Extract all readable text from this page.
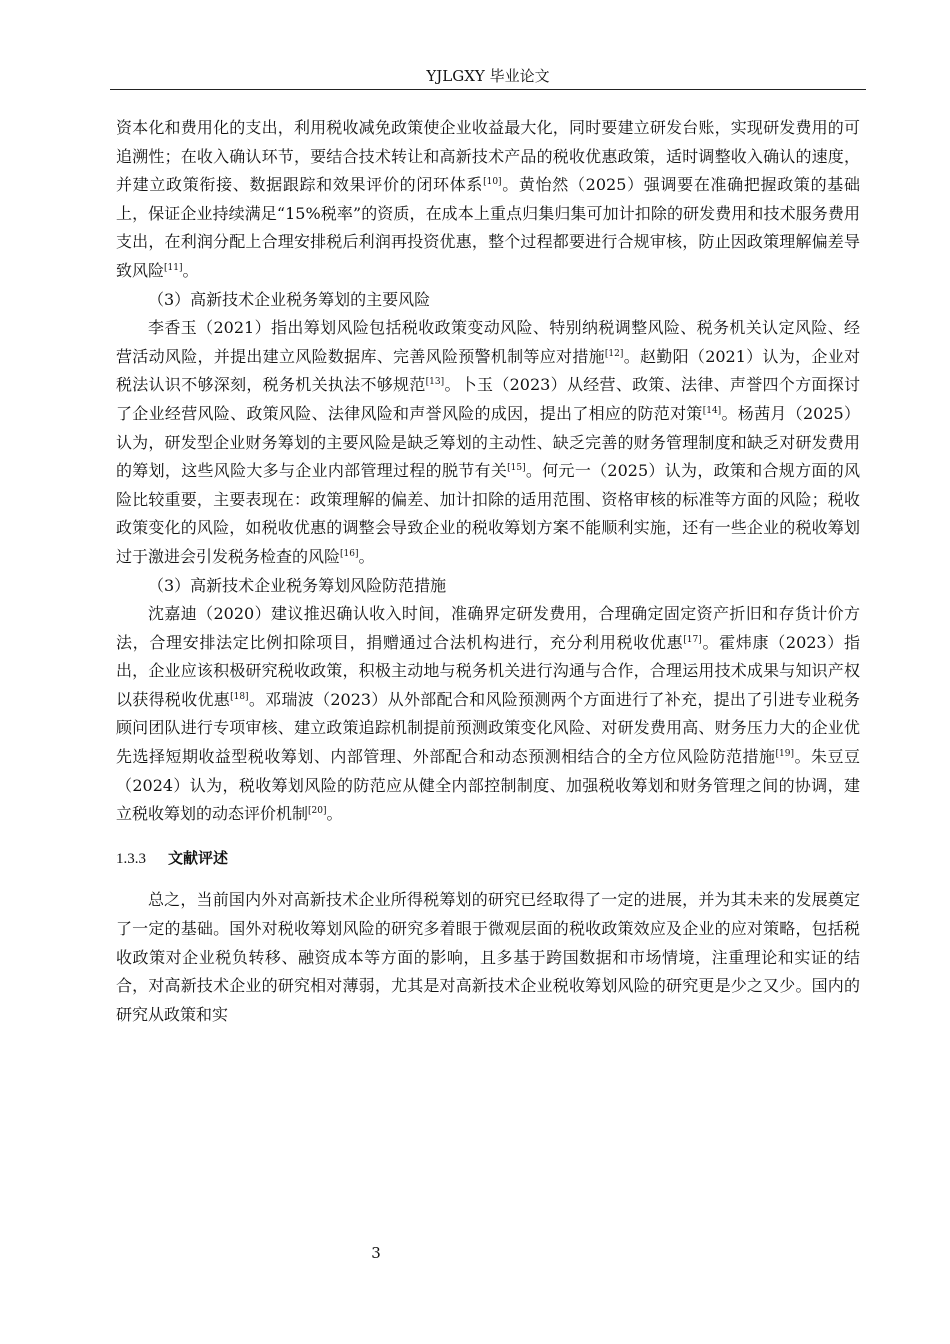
YJLGXY 毕业论文

资本化和费用化的支出，利用税收减免政策使企业收益最大化，同时要建立研发台账，实现研发费用的可追溯性；在收入确认环节，要结合技术转让和高新技术产品的税收优惠政策，适时调整收入确认的速度，并建立政策衔接、数据跟踪和效果评价的闭环体系[10]。黄怡然（2025）强调要在准确把握政策的基础上，保证企业持续满足“15%税率”的资质，在成本上重点归集归集可加计扣除的研发费用和技术服务费用支出，在利润分配上合理安排税后利润再投资优惠，整个过程都要进行合规审核，防止因政策理解偏差导致风险[11]。

（3）高新技术企业税务筹划的主要风险

李香玉（2021）指出筹划风险包括税收政策变动风险、特别纳税调整风险、税务机关认定风险、经营活动风险，并提出建立风险数据库、完善风险预警机制等应对措施[12]。赵勤阳（2021）认为，企业对税法认识不够深刻，税务机关执法不够规范[13]。卜玉（2023）从经营、政策、法律、声誉四个方面探讨了企业经营风险、政策风险、法律风险和声誉风险的成因，提出了相应的防范对策[14]。杨茜月（2025）认为，研发型企业财务筹划的主要风险是缺乏筹划的主动性、缺乏完善的财务管理制度和缺乏对研发费用的筹划，这些风险大多与企业内部管理过程的脱节有关[15]。何元一（2025）认为，政策和合规方面的风险比较重要，主要表现在：政策理解的偏差、加计扣除的适用范围、资格审核的标准等方面的风险；税收政策变化的风险，如税收优惠的调整会导致企业的税收筹划方案不能顺利实施，还有一些企业的税收筹划过于激进会引发税务检查的风险[16]。

（3）高新技术企业税务筹划风险防范措施

沈嘉迪（2020）建议推迟确认收入时间，准确界定研发费用，合理确定固定资产折旧和存货计价方法，合理安排法定比例扣除项目，捐赠通过合法机构进行，充分利用税收优惠[17]。霍炜康（2023）指出，企业应该积极研究税收政策，积极主动地与税务机关进行沟通与合作，合理运用技术成果与知识产权以获得税收优惠[18]。邓瑞波（2023）从外部配合和风险预测两个方面进行了补充，提出了引进专业税务顾问团队进行专项审核、建立政策追踪机制提前预测政策变化风险、对研发费用高、财务压力大的企业优先选择短期收益型税收筹划、内部管理、外部配合和动态预测相结合的全方位风险防范措施[19]。朱豆豆（2024）认为，税收筹划风险的防范应从健全内部控制制度、加强税收筹划和财务管理之间的协调，建立税收筹划的动态评价机制[20]。

1.3.3 文献评述

总之，当前国内外对高新技术企业所得税筹划的研究已经取得了一定的进展，并为其未来的发展奠定了一定的基础。国外对税收筹划风险的研究多着眼于微观层面的税收政策效应及企业的应对策略，包括税收政策对企业税负转移、融资成本等方面的影响，且多基于跨国数据和市场情境，注重理论和实证的结合，对高新技术企业的研究相对薄弱，尤其是对高新技术企业税收筹划风险的研究更是少之又少。国内的研究从政策和实

3
